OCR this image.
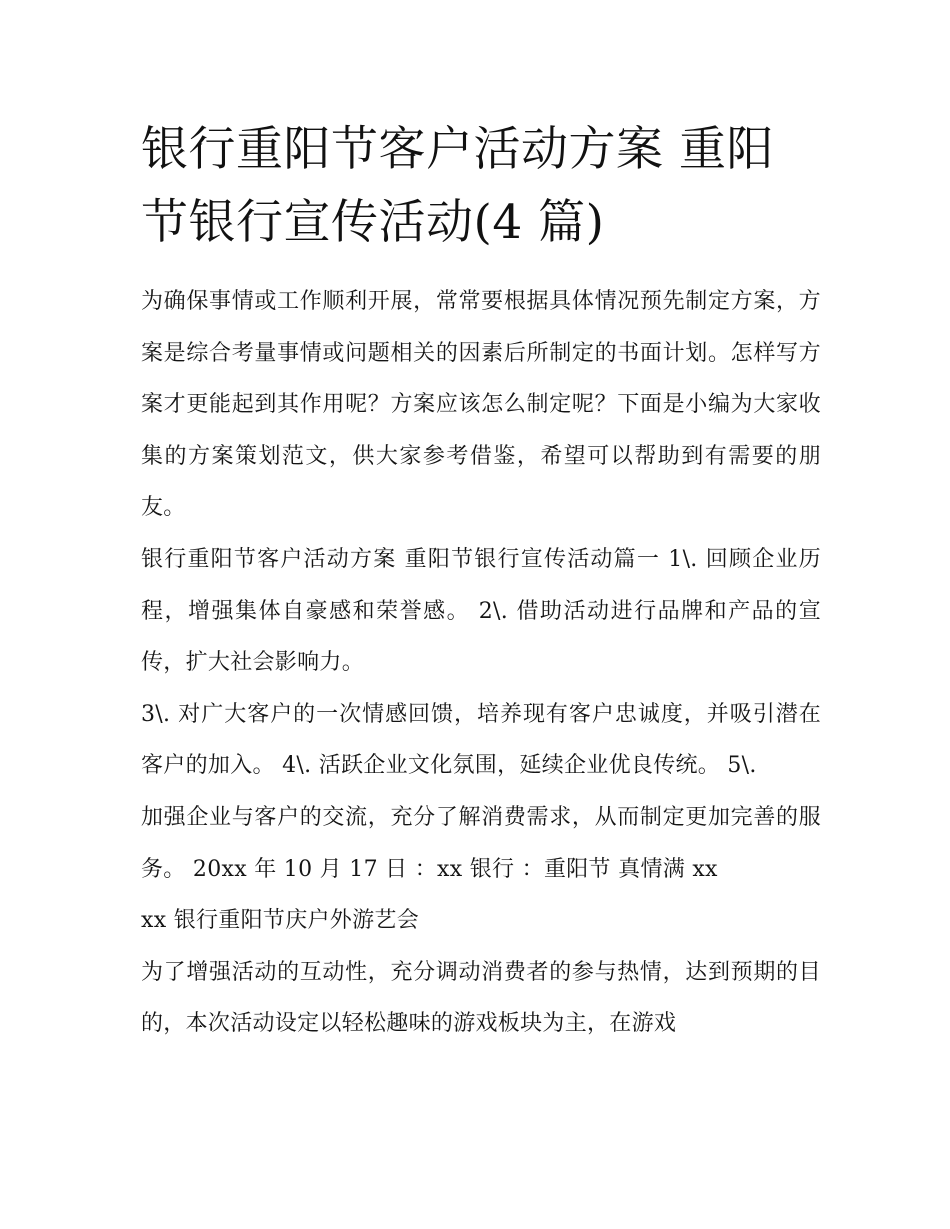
银行重阳节客户活动方案 重阳节银行宣传活动(4 篇)

为确保事情或工作顺利开展，常常要根据具体情况预先制定方案，方案是综合考量事情或问题相关的因素后所制定的书面计划。怎样写方案才更能起到其作用呢？方案应该怎么制定呢？下面是小编为大家收集的方案策划范文，供大家参考借鉴，希望可以帮助到有需要的朋友。

银行重阳节客户活动方案 重阳节银行宣传活动篇一 1\. 回顾企业历程，增强集体自豪感和荣誉感。 2\. 借助活动进行品牌和产品的宣传，扩大社会影响力。

3\. 对广大客户的一次情感回馈，培养现有客户忠诚度，并吸引潜在客户的加入。 4\. 活跃企业文化氛围，延续企业优良传统。 5\.

加强企业与客户的交流，充分了解消费需求，从而制定更加完善的服务。 20xx 年 10 月 17 日 ：xx 银行 ：重阳节 真情满 xx

xx 银行重阳节庆户外游艺会

为了增强活动的互动性，充分调动消费者的参与热情，达到预期的目的，本次活动设定以轻松趣味的游戏板块为主，在游戏
